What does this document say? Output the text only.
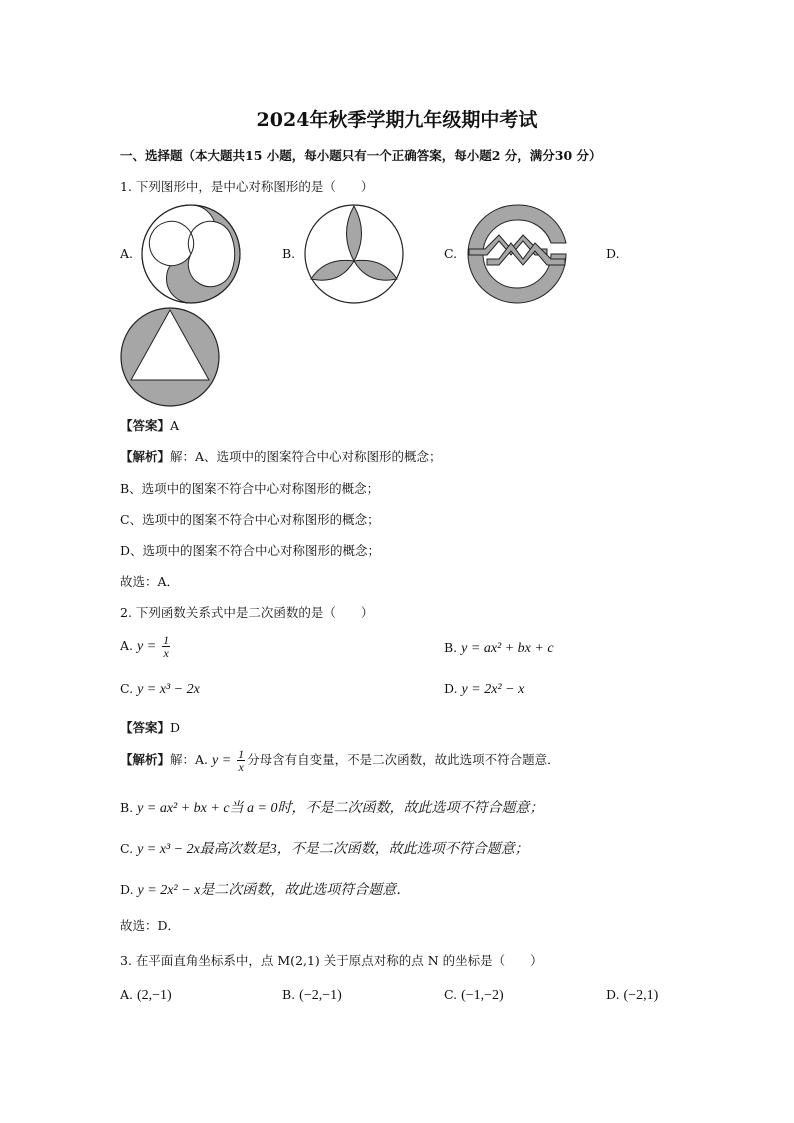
2024年秋季学期九年级期中考试
一、选择题（本大题共15 小题，每小题只有一个正确答案，每小题2 分，满分30 分）
1. 下列图形中，是中心对称图形的是（　　）
A.	B.	C.	D.
【答案】A
【解析】解：A、选项中的图案符合中心对称图形的概念；
B、选项中的图案不符合中心对称图形的概念；
C、选项中的图案不符合中心对称图形的概念；
D、选项中的图案不符合中心对称图形的概念；
故选：A．
2. 下列函数关系式中是二次函数的是（　　）
A. $y = \frac{1}{x}$	B. y = ax² + bx + c
C. y = x³ − 2x	D. y = 2x² − x
【答案】D
【解析】解：A. $y = \frac{1}{x}$ 分母含有自变量，不是二次函数，故此选项不符合题意．
B. y = ax² + bx + c当 a = 0时，不是二次函数，故此选项不符合题意；
C. y = x³ − 2x最高次数是3，不是二次函数，故此选项不符合题意；
D. y = 2x² − x是二次函数，故此选项符合题意．
故选：D．
3. 在平面直角坐标系中，点 M(2,1) 关于原点对称的点 N 的坐标是（　　）
A. (2,−1)	B. (−2,−1)	C. (−1,−2)	D. (−2,1)
